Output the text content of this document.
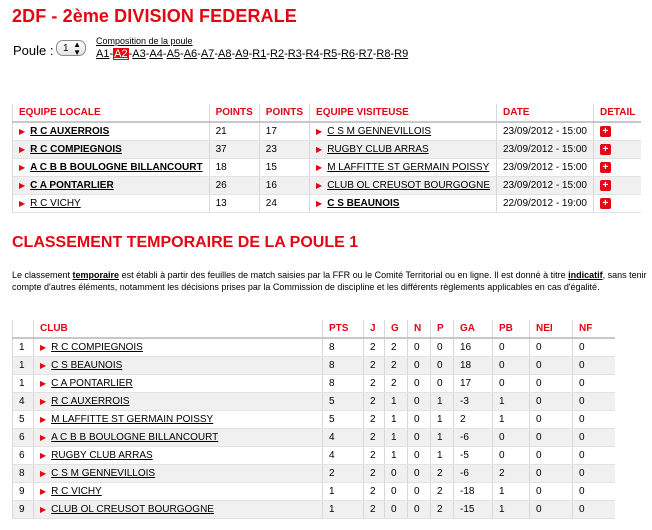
2DF - 2ème DIVISION FEDERALE
Poule : 1 ▲
▼
Composition de la poule
A1-A2-A3-A4-A5-A6-A7-A8-A9-R1-R2-R3-R4-R5-R6-R7-R8-R9
EQUIPE LOCALE	POINTS	POINTS	EQUIPE VISITEUSE	DATE	DETAIL
▶ R C AUXERROIS	21	17	▶ C S M GENNEVILLOIS	23/09/2012 - 15:00	+
▶ R C COMPIEGNOIS	37	23	▶ RUGBY CLUB ARRAS	23/09/2012 - 15:00	+
▶ A C B B BOULOGNE BILLANCOURT	18	15	▶ M LAFFITTE ST GERMAIN POISSY	23/09/2012 - 15:00	+
▶ C A PONTARLIER	26	16	▶ CLUB OL CREUSOT BOURGOGNE	23/09/2012 - 15:00	+
▶ R C VICHY	13	24	▶ C S BEAUNOIS	22/09/2012 - 19:00	+
CLASSEMENT TEMPORAIRE DE LA POULE 1

Le classement temporaire est établi à partir des feuilles de match saisies par la FFR ou le Comité Territorial ou en ligne. Il est donné à titre indicatif, sans tenir compte d'autres éléments, notamment les décisions prises par la Commission de discipline et les différents règlements applicables en cas d'égalité.

	CLUB	PTS	J	G	N	P	GA	PB	NEI	NF
1	▶ R C COMPIEGNOIS	8	2	2	0	0	16	0	0	0
1	▶ C S BEAUNOIS	8	2	2	0	0	18	0	0	0
1	▶ C A PONTARLIER	8	2	2	0	0	17	0	0	0
4	▶ R C AUXERROIS	5	2	1	0	1	-3	1	0	0
5	▶ M LAFFITTE ST GERMAIN POISSY	5	2	1	0	1	2	1	0	0
6	▶ A C B B BOULOGNE BILLANCOURT	4	2	1	0	1	-6	0	0	0
6	▶ RUGBY CLUB ARRAS	4	2	1	0	1	-5	0	0	0
8	▶ C S M GENNEVILLOIS	2	2	0	0	2	-6	2	0	0
9	▶ R C VICHY	1	2	0	0	2	-18	1	0	0
9	▶ CLUB OL CREUSOT BOURGOGNE	1	2	0	0	2	-15	1	0	0
